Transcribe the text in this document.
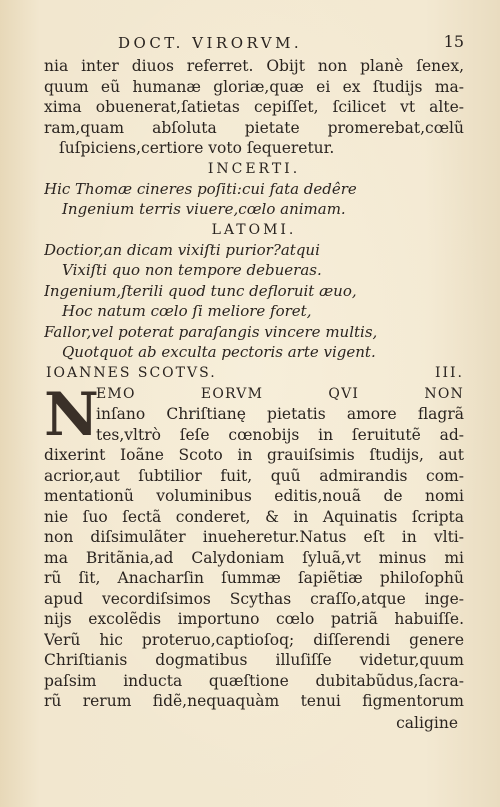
DOCT. VIRORVM.	15
nia inter diuos referret. Obijt non planè ſenex,
quum eũ humanæ gloriæ,quæ ei ex ſtudijs ma-
xima obuenerat,ſatietas cepiſſet, ſcilicet vt alte-
ram,quam abſoluta pietate promerebat,cœlũ
ſuſpiciens,certiore voto ſequeretur.
INCERTI.
Hic Thomæ cineres poſiti:cui fata dedêre
Ingenium terris viuere,cœlo animam.
LATOMI.
Doctior,an dicam vixiſti purior?atqui
Vixiſti quo non tempore debueras.
Ingenium,ſterili quod tunc defloruit æuo,
Hoc natum cœlo ſi meliore foret,
Fallor,vel poterat paraſangis vincere multis,
Quotquot ab exculta pectoris arte vigent.
IOANNES SCOTVS.	III.
N
EMO EORVM QVI NON
inſano Chriſtianę pietatis amore flagrã
tes,vltrò ſeſe cœnobijs in ſeruitutẽ ad-
dixerint Ioãne Scoto in grauiſsimis ſtudijs, aut
acrior,aut ſubtilior fuit, quũ admirandis com-
mentationũ voluminibus editis,nouã de nomi
nie ſuo ſectã conderet, & in Aquinatis ſcripta
non diſsimulãter inueheretur.Natus eſt in vlti-
ma Britãnia,ad Calydoniam ſyluã,vt minus mi
rũ ſit, Anacharſin ſummæ ſapiẽtiæ philoſophũ
apud vecordiſsimos Scythas craſſo,atque inge-
nijs excolẽdis importuno cœlo patriã habuiſſe.
Verũ hic proteruo,captioſoq; diſſerendi genere
Chriſtianis dogmatibus illuſiſſe videtur,quum
paſsim inducta quæſtione dubitabũdus,ſacra-
rũ rerum fidẽ,nequaquàm tenui figmentorum
caligine
